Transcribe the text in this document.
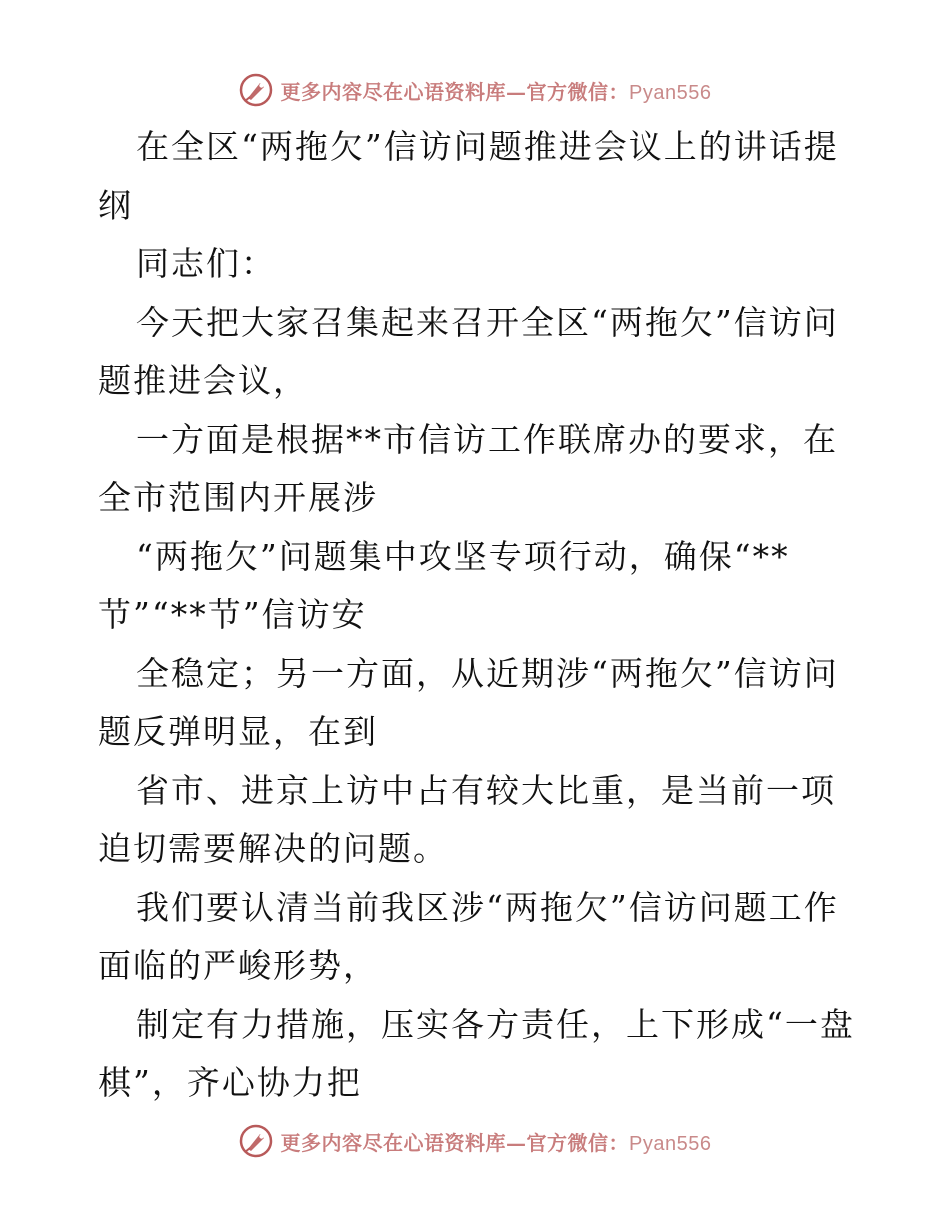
更多内容尽在心语资料库—官方微信：Pyan556

在全区“两拖欠”信访问题推进会议上的讲话提纲

同志们：

今天把大家召集起来召开全区“两拖欠”信访问题推进会议，

一方面是根据**市信访工作联席办的要求，在全市范围内开展涉

“两拖欠”问题集中攻坚专项行动，确保“**节”“**节”信访安

全稳定；另一方面，从近期涉“两拖欠”信访问题反弹明显，在到

省市、进京上访中占有较大比重，是当前一项迫切需要解决的问题。

我们要认清当前我区涉“两拖欠”信访问题工作面临的严峻形势，

制定有力措施，压实各方责任，上下形成“一盘棋”，齐心协力把

更多内容尽在心语资料库—官方微信：Pyan556
